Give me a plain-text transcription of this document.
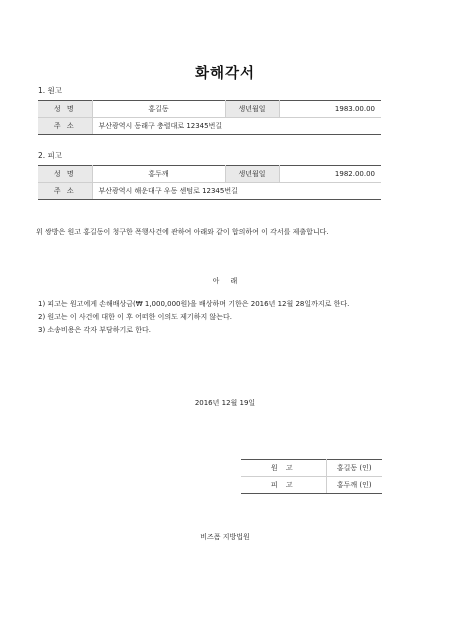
화해각서
1. 원고
성 명	홍길동	생년월일	1983.00.00
주 소	부산광역시 동래구 충렬대로 12345번길		
2. 피고
성 명	홍두깨	생년월일	1982.00.00
주 소	부산광역시 해운대구 우동 센텀로 12345번길		
위 쌍방은 원고 홍길동이 청구한 폭행사건에 관하여 아래와 같이 합의하여 이 각서를 제출합니다.
아     래
1) 피고는 원고에게 손해배상금(₩ 1,000,000원)을 배상하며 기한은 2016년 12월 28일까지로 한다.
2) 원고는 이 사건에 대한 이 후 어떠한 이의도 제기하지 않는다.
3) 소송비용은 각자 부담하기로 한다.
2016년 12월 19일
원 고	홍길동 (인)
피 고	홍두깨 (인)
비즈폼 지방법원
